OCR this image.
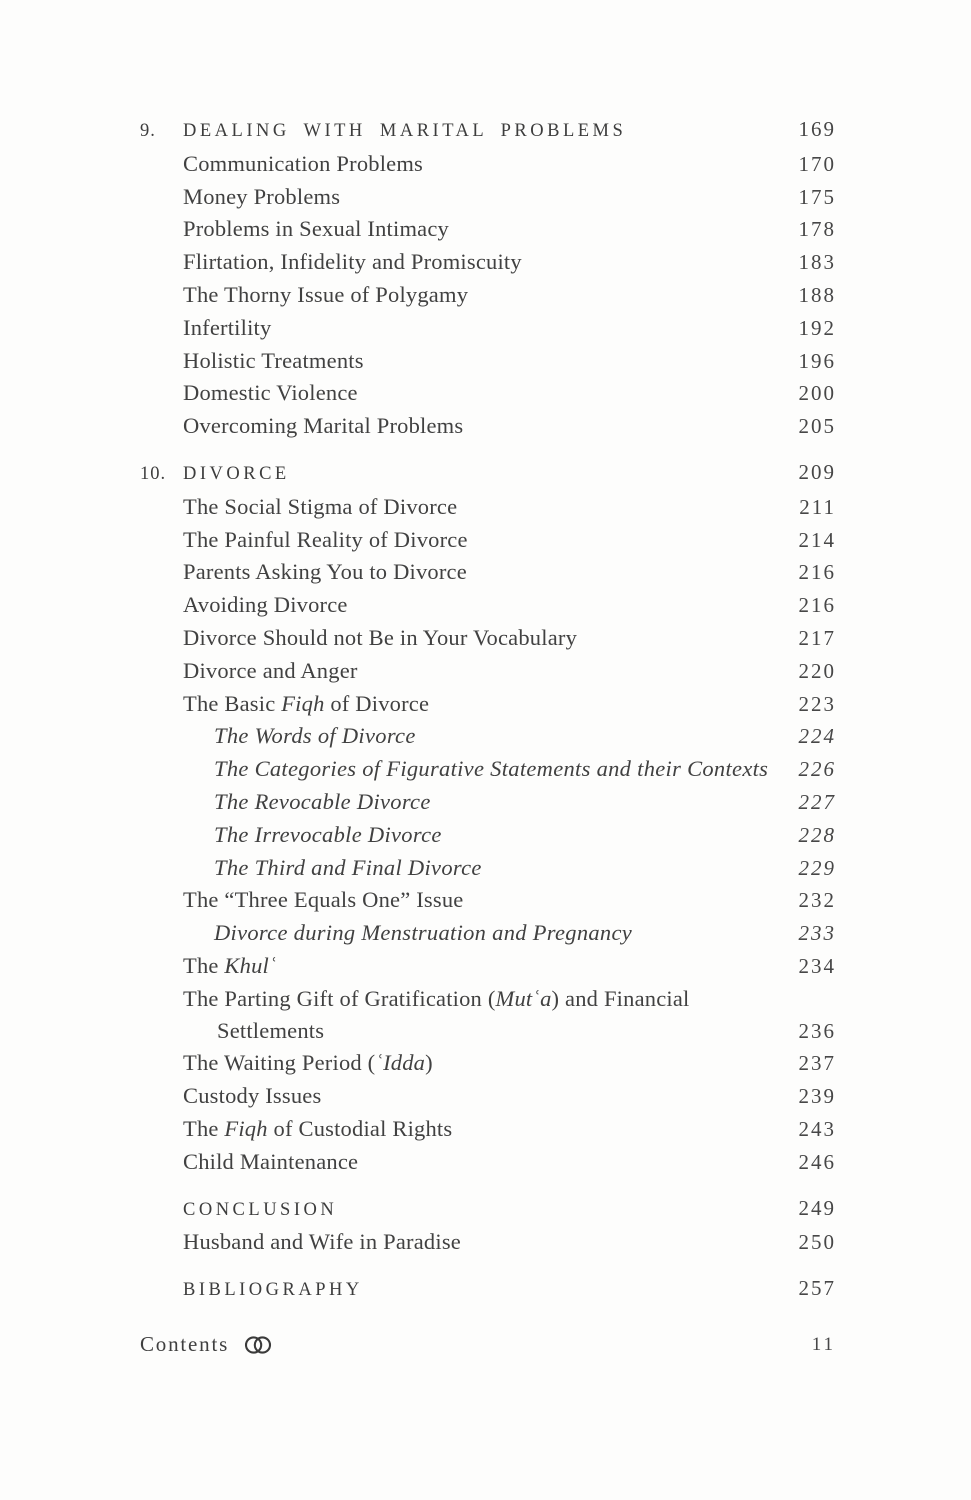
9.	DEALING WITH MARITAL PROBLEMS	169
Communication Problems	170
Money Problems	175
Problems in Sexual Intimacy	178
Flirtation, Infidelity and Promiscuity	183
The Thorny Issue of Polygamy	188
Infertility	192
Holistic Treatments	196
Domestic Violence	200
Overcoming Marital Problems	205
10. DIVORCE	209
The Social Stigma of Divorce	211
The Painful Reality of Divorce	214
Parents Asking You to Divorce	216
Avoiding Divorce	216
Divorce Should not Be in Your Vocabulary	217
Divorce and Anger	220
The Basic Fiqh of Divorce	223
The Words of Divorce	224
The Categories of Figurative Statements and their Contexts	226
The Revocable Divorce	227
The Irrevocable Divorce	228
The Third and Final Divorce	229
The “Three Equals One” Issue	232
Divorce during Menstruation and Pregnancy	233
The Khulʿ	234
The Parting Gift of Gratification (Mutʿa) and Financial
Settlements	236
The Waiting Period (ʿIdda)	237
Custody Issues	239
The Fiqh of Custodial Rights	243
Child Maintenance	246
CONCLUSION	249
Husband and Wife in Paradise	250
BIBLIOGRAPHY	257
Contents	11
